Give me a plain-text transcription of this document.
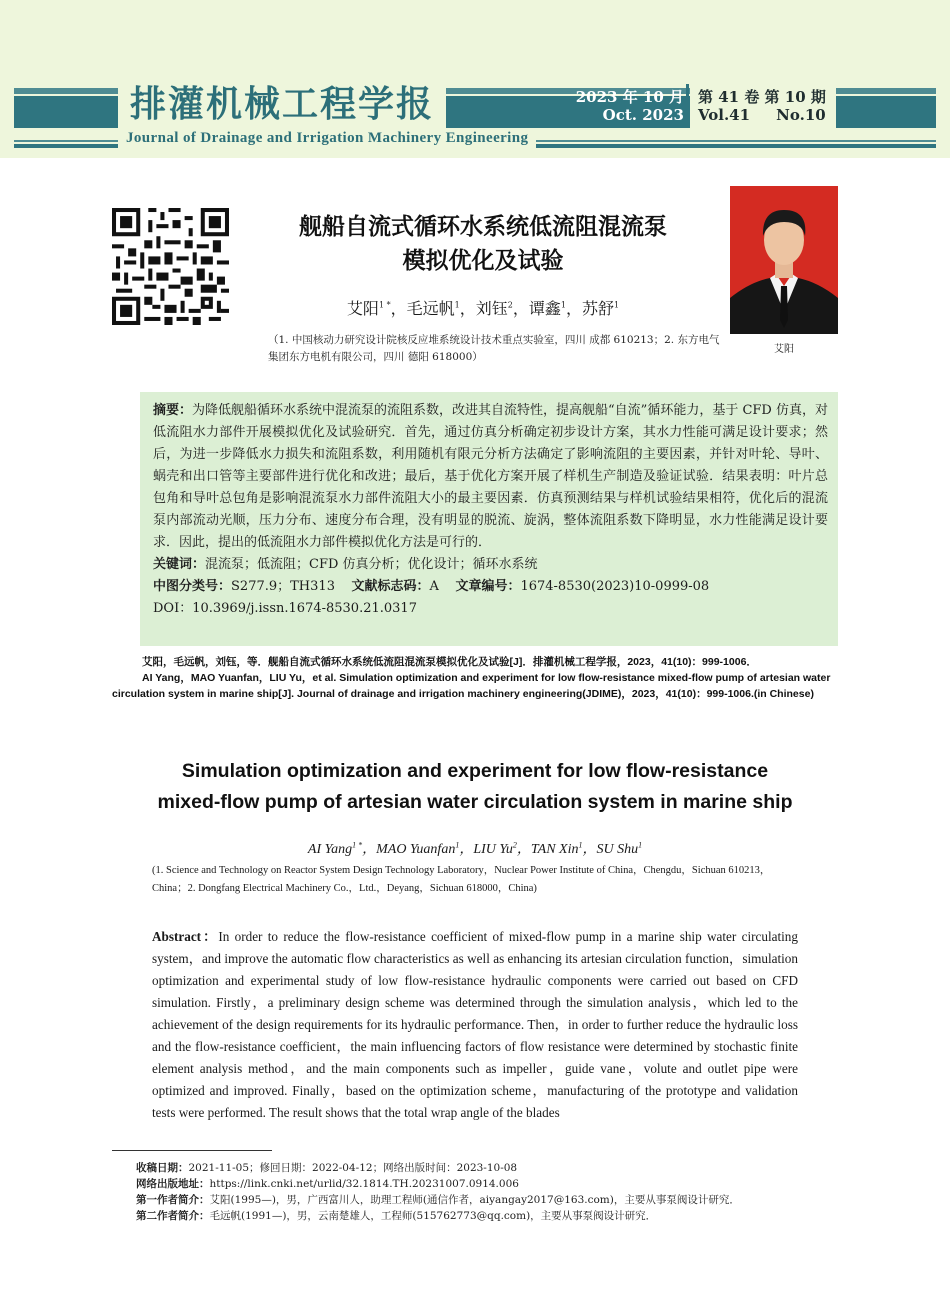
排灌机械工程学报
Journal of Drainage and Irrigation Machinery Engineering
2023 年 10 月
Oct. 2023
第 41 卷 第 10 期
Vol.41     No.10
舰船自流式循环水系统低流阻混流泵
模拟优化及试验
艾阳$^{1 *}$，毛远帆$^1$，刘钰$^2$，谭鑫$^1$，苏舒$^1$
（1. 中国核动力研究设计院核反应堆系统设计技术重点实验室，四川 成都 610213；2. 东方电气集团东方电机有限公司，四川 德阳 618000）
艾阳
摘要：为降低舰船循环水系统中混流泵的流阻系数，改进其自流特性，提高舰船“自流”循环能力，基于 CFD 仿真，对低流阻水力部件开展模拟优化及试验研究．首先，通过仿真分析确定初步设计方案，其水力性能可满足设计要求；然后，为进一步降低水力损失和流阻系数，利用随机有限元分析方法确定了影响流阻的主要因素，并针对叶轮、导叶、蜗壳和出口管等主要部件进行优化和改进；最后，基于优化方案开展了样机生产制造及验证试验．结果表明：叶片总包角和导叶总包角是影响混流泵水力部件流阻大小的最主要因素．仿真预测结果与样机试验结果相符，优化后的混流泵内部流动光顺，压力分布、速度分布合理，没有明显的脱流、旋涡，整体流阻系数下降明显，水力性能满足设计要求．因此，提出的低流阻水力部件模拟优化方法是可行的．
关键词：混流泵；低流阻；CFD 仿真分析；优化设计；循环水系统
中图分类号：S277.9；TH313 文献标志码：A 文章编号：1674-8530(2023)10-0999-08
DOI：10.3969/j.issn.1674-8530.21.0317

艾阳，毛远帆，刘钰，等．舰船自流式循环水系统低流阻混流泵模拟优化及试验[J]．排灌机械工程学报，2023，41(10)：999-1006．

AI Yang，MAO Yuanfan，LIU Yu，et al. Simulation optimization and experiment for low flow-resistance mixed-flow pump of artesian water circulation system in marine ship[J]. Journal of drainage and irrigation machinery engineering(JDIME)，2023，41(10)：999-1006.(in Chinese)

Simulation optimization and experiment for low flow-resistance
mixed-flow pump of artesian water circulation system in marine ship
AI Yang$^{1 *}$，MAO Yuanfan$^1$，LIU Yu$^2$，TAN Xin$^1$，SU Shu$^1$
(1. Science and Technology on Reactor System Design Technology Laboratory，Nuclear Power Institute of China，Chengdu，Sichuan 610213，China；2. Dongfang Electrical Machinery Co.，Ltd.，Deyang，Sichuan 618000，China)
Abstract：In order to reduce the flow-resistance coefficient of mixed-flow pump in a marine ship water circulating system，and improve the automatic flow characteristics as well as enhancing its artesian circulation function，simulation optimization and experimental study of low flow-resistance hydraulic components were carried out based on CFD simulation. Firstly，a preliminary design scheme was determined through the simulation analysis，which led to the achievement of the design requirements for its hydraulic performance. Then，in order to further reduce the hydraulic loss and the flow-resistance coefficient，the main influencing factors of flow resistance were determined by stochastic finite element analysis method，and the main components such as impeller，guide vane，volute and outlet pipe were optimized and improved. Finally，based on the optimization scheme，manufacturing of the prototype and validation tests were performed. The result shows that the total wrap angle of the blades

收稿日期：2021-11-05；修回日期：2022-04-12；网络出版时间：2023-10-08

网络出版地址：https://link.cnki.net/urlid/32.1814.TH.20231007.0914.006

第一作者简介：艾阳(1995—)，男，广西富川人，助理工程师(通信作者，aiyangay2017@163.com)，主要从事泵阀设计研究．

第二作者简介：毛远帆(1991—)，男，云南楚雄人，工程师(515762773@qq.com)，主要从事泵阀设计研究．
